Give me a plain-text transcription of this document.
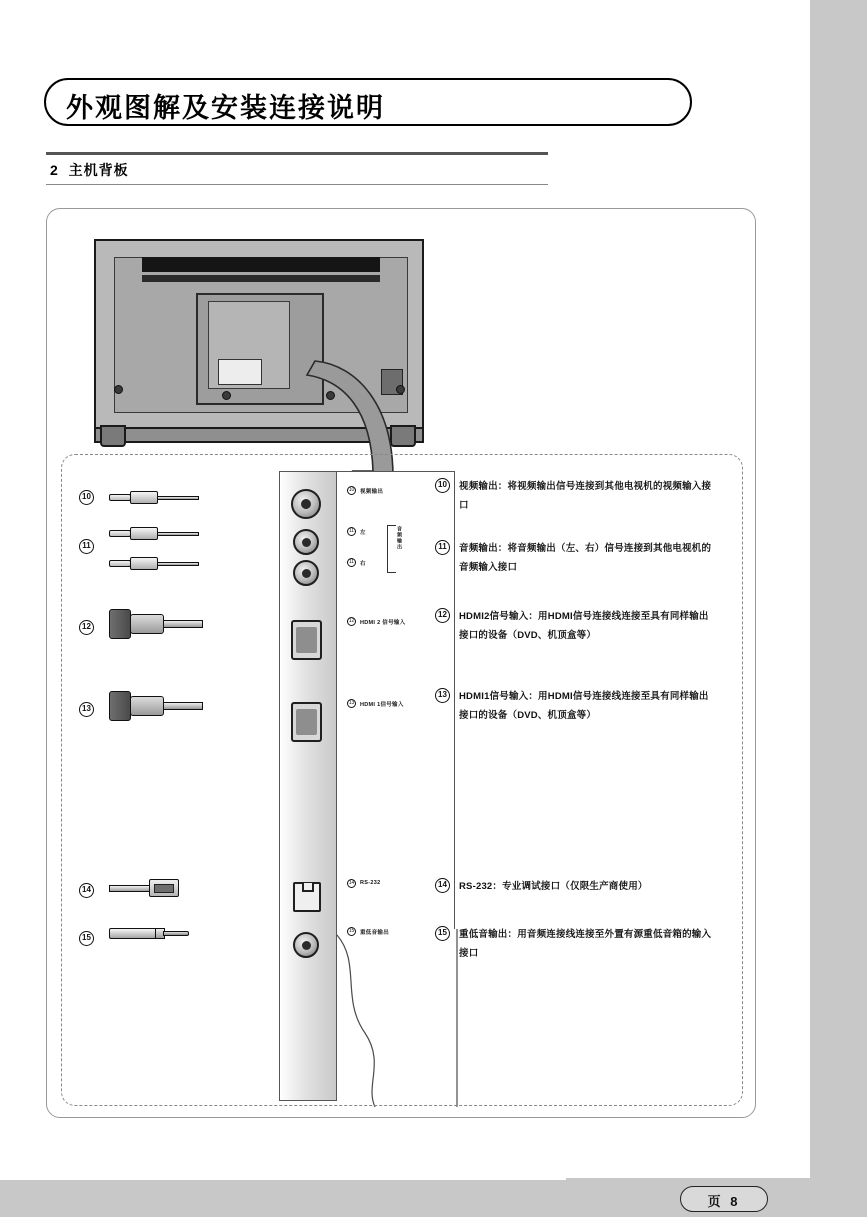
外观图解及安装连接说明
2 主机背板
10	视频输出
11	左
11	右
音频输出
12	HDMI 2 信号输入
13	HDMI 1信号输入
14	RS-232
15	重低音输出
10
11
12
13
14
15
10	视频输出：将视频输出信号连接到其他电视机的视频输入接口
11	音频输出：将音频输出（左、右）信号连接到其他电视机的音频输入接口
12	HDMI2信号输入：用HDMI信号连接线连接至具有同样输出接口的设备（DVD、机顶盒等）
13	HDMI1信号输入：用HDMI信号连接线连接至具有同样输出接口的设备（DVD、机顶盒等）
14	RS-232：专业调试接口（仅限生产商使用）
15	重低音输出：用音频连接线连接至外置有源重低音箱的输入接口
页 8
